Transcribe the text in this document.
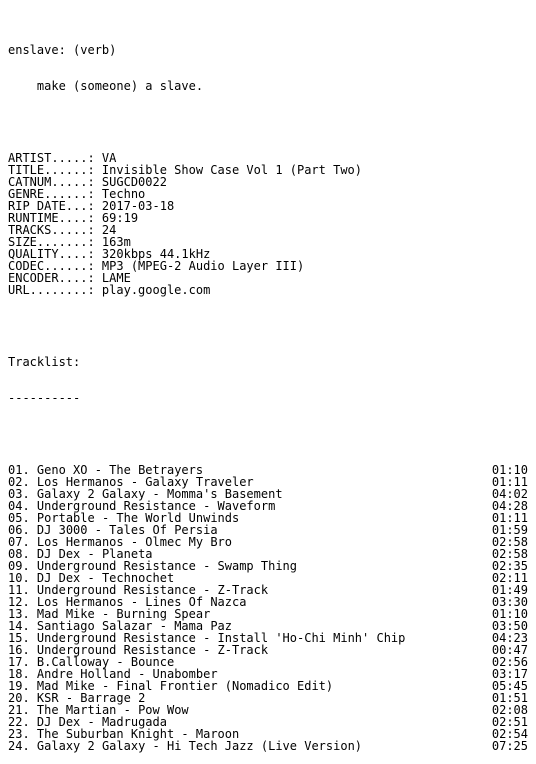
enslave: (verb)

make (someone) a slave.

ARTIST.....: VA
TITLE......: Invisible Show Case Vol 1 (Part Two)
CATNUM.....: SUGCD0022
GENRE......: Techno
RIP DATE...: 2017-03-18
RUNTIME....: 69:19
TRACKS.....: 24
SIZE.......: 163m
QUALITY....: 320kbps 44.1kHz
CODEC......: MP3 (MPEG-2 Audio Layer III)
ENCODER....: LAME
URL........: play.google.com

Tracklist:

----------

01. Geno XO - The Betrayers	01:10
02. Los Hermanos - Galaxy Traveler	01:11
03. Galaxy 2 Galaxy - Momma's Basement	04:02
04. Underground Resistance - Waveform	04:28
05. Portable - The World Unwinds	01:11
06. DJ 3000 - Tales Of Persia	01:59
07. Los Hermanos - Olmec My Bro	02:58
08. DJ Dex - Planeta	02:58
09. Underground Resistance - Swamp Thing	02:35
10. DJ Dex - Technochet	02:11
11. Underground Resistance - Z-Track	01:49
12. Los Hermanos - Lines Of Nazca	03:30
13. Mad Mike - Burning Spear	01:10
14. Santiago Salazar - Mama Paz	03:50
15. Underground Resistance - Install 'Ho-Chi Minh' Chip	04:23
16. Underground Resistance - Z-Track	00:47
17. B.Calloway - Bounce	02:56
18. Andre Holland - Unabomber	03:17
19. Mad Mike - Final Frontier (Nomadico Edit)	05:45
20. KSR - Barrage 2	01:51
21. The Martian - Pow Wow	02:08
22. DJ Dex - Madrugada	02:51
23. The Suburban Knight - Maroon	02:54
24. Galaxy 2 Galaxy - Hi Tech Jazz (Live Version)	07:25
